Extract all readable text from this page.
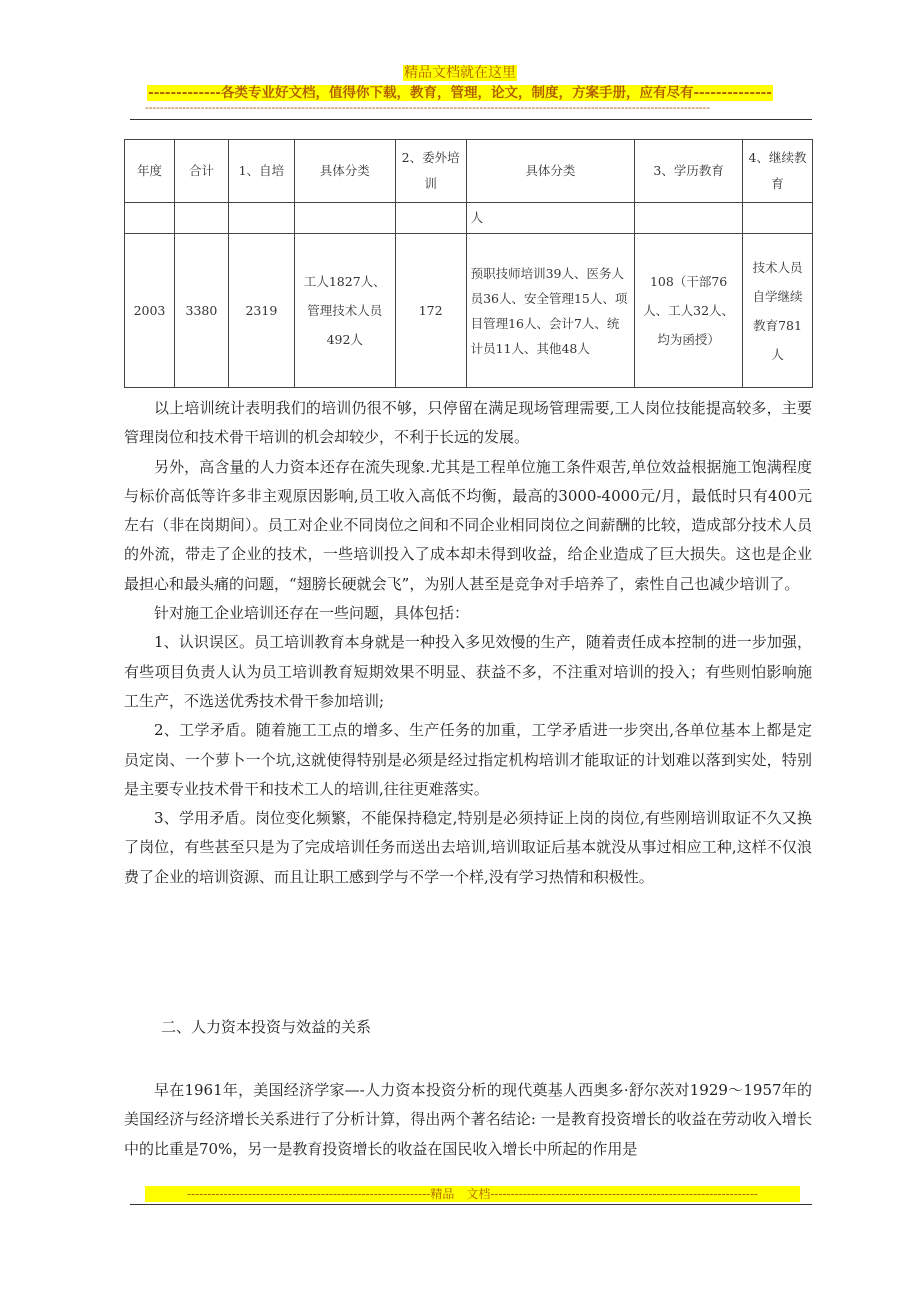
精品文档就在这里
-------------各类专业好文档，值得你下载，教育，管理，论文，制度，方案手册，应有尽有--------------
--------------------------------------------------------------------------------------------------------------------------------------------------------
年度	合计	1、自培	具体分类	2、委外培训	具体分类	3、学历教育	4、继续教育
					人		
2003	3380	2319	工人1827人、管理技术人员492人	172	预职技师培训39人、医务人员36人、安全管理15人、项目管理16人、会计7人、统计员11人、其他48人	108（干部76人、工人32人、均为函授）	技术人员自学继续教育781人

以上培训统计表明我们的培训仍很不够，只停留在满足现场管理需要,工人岗位技能提高较多，主要管理岗位和技术骨干培训的机会却较少，不利于长远的发展。

另外，高含量的人力资本还存在流失现象.尤其是工程单位施工条件艰苦,单位效益根据施工饱满程度与标价高低等许多非主观原因影响,员工收入高低不均衡，最高的3000-4000元/月，最低时只有400元左右（非在岗期间）。员工对企业不同岗位之间和不同企业相同岗位之间薪酬的比较，造成部分技术人员的外流，带走了企业的技术，一些培训投入了成本却未得到收益，给企业造成了巨大损失。这也是企业最担心和最头痛的问题，“翅膀长硬就会飞”，为别人甚至是竞争对手培养了，索性自己也减少培训了。

针对施工企业培训还存在一些问题，具体包括：

1、认识误区。员工培训教育本身就是一种投入多见效慢的生产，随着责任成本控制的进一步加强，有些项目负责人认为员工培训教育短期效果不明显、获益不多，不注重对培训的投入；有些则怕影响施工生产，不选送优秀技术骨干参加培训;

2、工学矛盾。随着施工工点的增多、生产任务的加重，工学矛盾进一步突出,各单位基本上都是定员定岗、一个萝卜一个坑,这就使得特别是必须是经过指定机构培训才能取证的计划难以落到实处，特别是主要专业技术骨干和技术工人的培训,往往更难落实。

3、学用矛盾。岗位变化频繁，不能保持稳定,特别是必须持证上岗的岗位,有些刚培训取证不久又换了岗位，有些甚至只是为了完成培训任务而送出去培训,培训取证后基本就没从事过相应工种,这样不仅浪费了企业的培训资源、而且让职工感到学与不学一个样,没有学习热情和积极性。

二、人力资本投资与效益的关系

早在1961年，美国经济学家—-人力资本投资分析的现代奠基人西奥多·舒尔茨对1929～1957年的美国经济与经济增长关系进行了分析计算，得出两个著名结论: 一是教育投资增长的收益在劳动收入增长中的比重是70%，另一是教育投资增长的收益在国民收入增长中所起的作用是

------------------------------------------------------------精品　文档------------------------------------------------------------------
